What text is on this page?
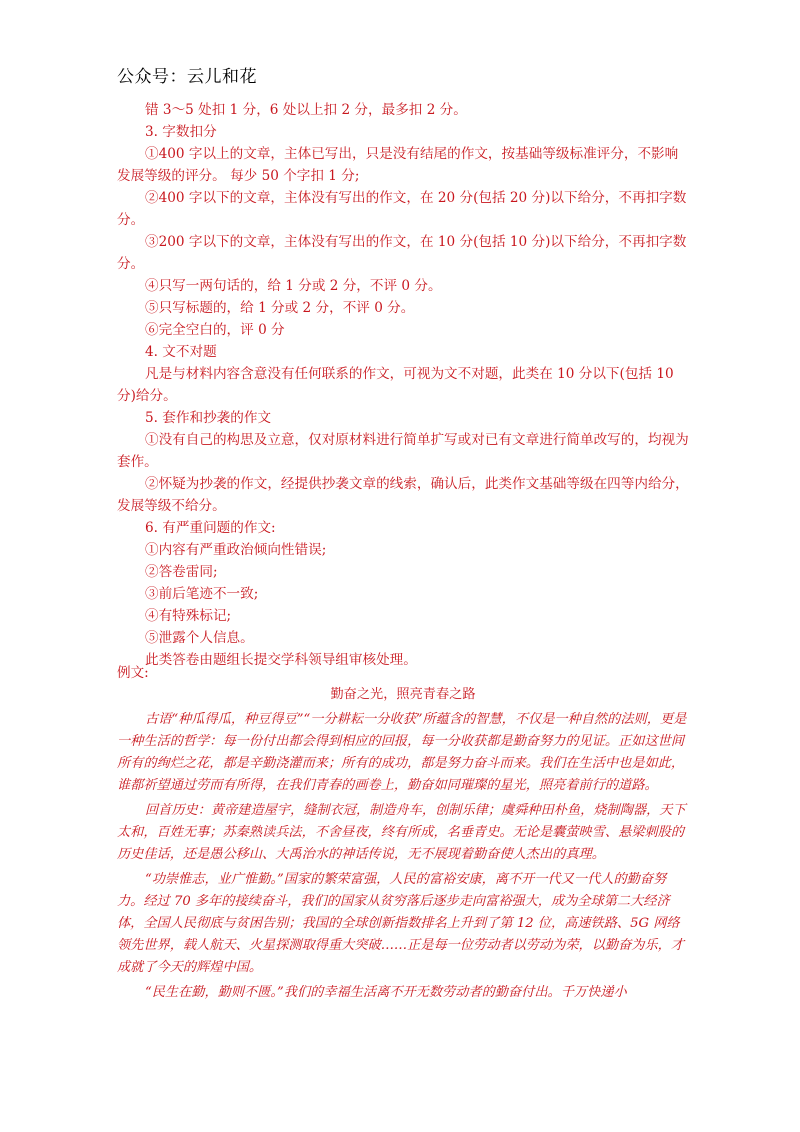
公众号：云儿和花

错 3～5 处扣 1 分，6 处以上扣 2 分，最多扣 2 分。

3. 字数扣分

①400 字以上的文章，主体已写出，只是没有结尾的作文，按基础等级标准评分，不影响发展等级的评分。 每少 50 个字扣 1 分;

②400 字以下的文章，主体没有写出的作文，在 20 分(包括 20 分)以下给分，不再扣字数分。

③200 字以下的文章，主体没有写出的作文，在 10 分(包括 10 分)以下给分，不再扣字数分。

④只写一两句话的，给 1 分或 2 分，不评 0 分。

⑤只写标题的，给 1 分或 2 分，不评 0 分。

⑥完全空白的，评 0 分

4. 文不对题

凡是与材料内容含意没有任何联系的作文，可视为文不对题，此类在 10 分以下(包括 10 分)给分。

5. 套作和抄袭的作文

①没有自己的构思及立意，仅对原材料进行简单扩写或对已有文章进行简单改写的，均视为套作。

②怀疑为抄袭的作文，经提供抄袭文章的线索，确认后，此类作文基础等级在四等内给分，发展等级不给分。

6. 有严重问题的作文:

①内容有严重政治倾向性错误;

②答卷雷同;

③前后笔迹不一致;

④有特殊标记;

⑤泄露个人信息。

此类答卷由题组长提交学科领导组审核处理。

例文:

勤奋之光，照亮青春之路

古语“种瓜得瓜，种豆得豆”“一分耕耘一分收获”所蕴含的智慧，不仅是一种自然的法则，更是一种生活的哲学：每一份付出都会得到相应的回报，每一分收获都是勤奋努力的见证。正如这世间所有的绚烂之花，都是辛勤浇灌而来；所有的成功，都是努力奋斗而来。我们在生活中也是如此，谁都祈望通过劳而有所得，在我们青春的画卷上，勤奋如同璀璨的星光，照亮着前行的道路。

回首历史：黄帝建造屋宇，缝制衣冠，制造舟车，创制乐律；虞舜种田朴鱼，烧制陶器，天下太和，百姓无事；苏秦熟读兵法，不舍昼夜，终有所成，名垂青史。无论是囊萤映雪、悬梁刺股的历史佳话，还是愚公移山、大禹治水的神话传说，无不展现着勤奋使人杰出的真理。

“功崇惟志，业广惟勤。”国家的繁荣富强，人民的富裕安康，离不开一代又一代人的勤奋努力。经过 70 多年的接续奋斗，我们的国家从贫穷落后逐步走向富裕强大，成为全球第二大经济体，全国人民彻底与贫困告别；我国的全球创新指数排名上升到了第 12 位，高速铁路、5G 网络领先世界，载人航天、火星探测取得重大突破……正是每一位劳动者以劳动为荣，以勤奋为乐，才成就了今天的辉煌中国。

“民生在勤，勤则不匮。”我们的幸福生活离不开无数劳动者的勤奋付出。千万快递小
